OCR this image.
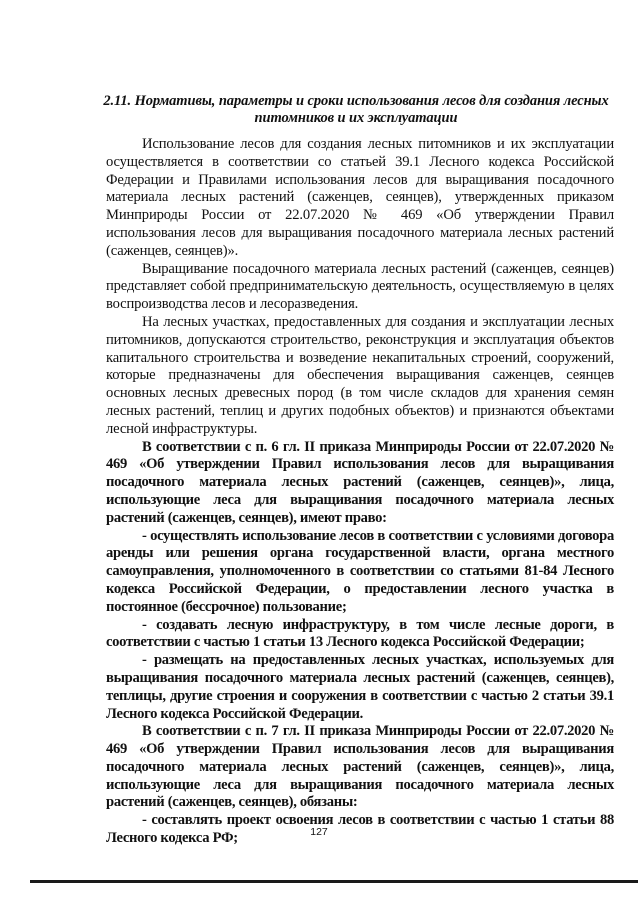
2.11. Нормативы, параметры и сроки использования лесов для создания лесных питомников и их эксплуатации

Использование лесов для создания лесных питомников и их эксплуатации осуществляется в соответствии со статьей 39.1 Лесного кодекса Российской Федерации и Правилами использования лесов для выращивания посадочного материала лесных растений (саженцев, сеянцев), утвержденных приказом Минприроды России от 22.07.2020 № 469 «Об утверждении Правил использования лесов для выращивания посадочного материала лесных растений (саженцев, сеянцев)».

Выращивание посадочного материала лесных растений (саженцев, сеянцев) представляет собой предпринимательскую деятельность, осуществляемую в целях воспроизводства лесов и лесоразведения.

На лесных участках, предоставленных для создания и эксплуатации лесных питомников, допускаются строительство, реконструкция и эксплуатация объектов капитального строительства и возведение некапитальных строений, сооружений, которые предназначены для обеспечения выращивания саженцев, сеянцев основных лесных древесных пород (в том числе складов для хранения семян лесных растений, теплиц и других подобных объектов) и признаются объектами лесной инфраструктуры.

В соответствии с п. 6 гл. II приказа Минприроды России от 22.07.2020 № 469 «Об утверждении Правил использования лесов для выращивания посадочного материала лесных растений (саженцев, сеянцев)», лица, использующие леса для выращивания посадочного материала лесных растений (саженцев, сеянцев), имеют право:

- осуществлять использование лесов в соответствии с условиями договора аренды или решения органа государственной власти, органа местного самоуправления, уполномоченного в соответствии со статьями 81-84 Лесного кодекса Российской Федерации, о предоставлении лесного участка в постоянное (бессрочное) пользование;

- создавать лесную инфраструктуру, в том числе лесные дороги, в соответствии с частью 1 статьи 13 Лесного кодекса Российской Федерации;

- размещать на предоставленных лесных участках, используемых для выращивания посадочного материала лесных растений (саженцев, сеянцев), теплицы, другие строения и сооружения в соответствии с частью 2 статьи 39.1 Лесного кодекса Российской Федерации.

В соответствии с п. 7 гл. II приказа Минприроды России от 22.07.2020 № 469 «Об утверждении Правил использования лесов для выращивания посадочного материала лесных растений (саженцев, сеянцев)», лица, использующие леса для выращивания посадочного материала лесных растений (саженцев, сеянцев), обязаны:

- составлять проект освоения лесов в соответствии с частью 1 статьи 88 Лесного кодекса РФ;	127
